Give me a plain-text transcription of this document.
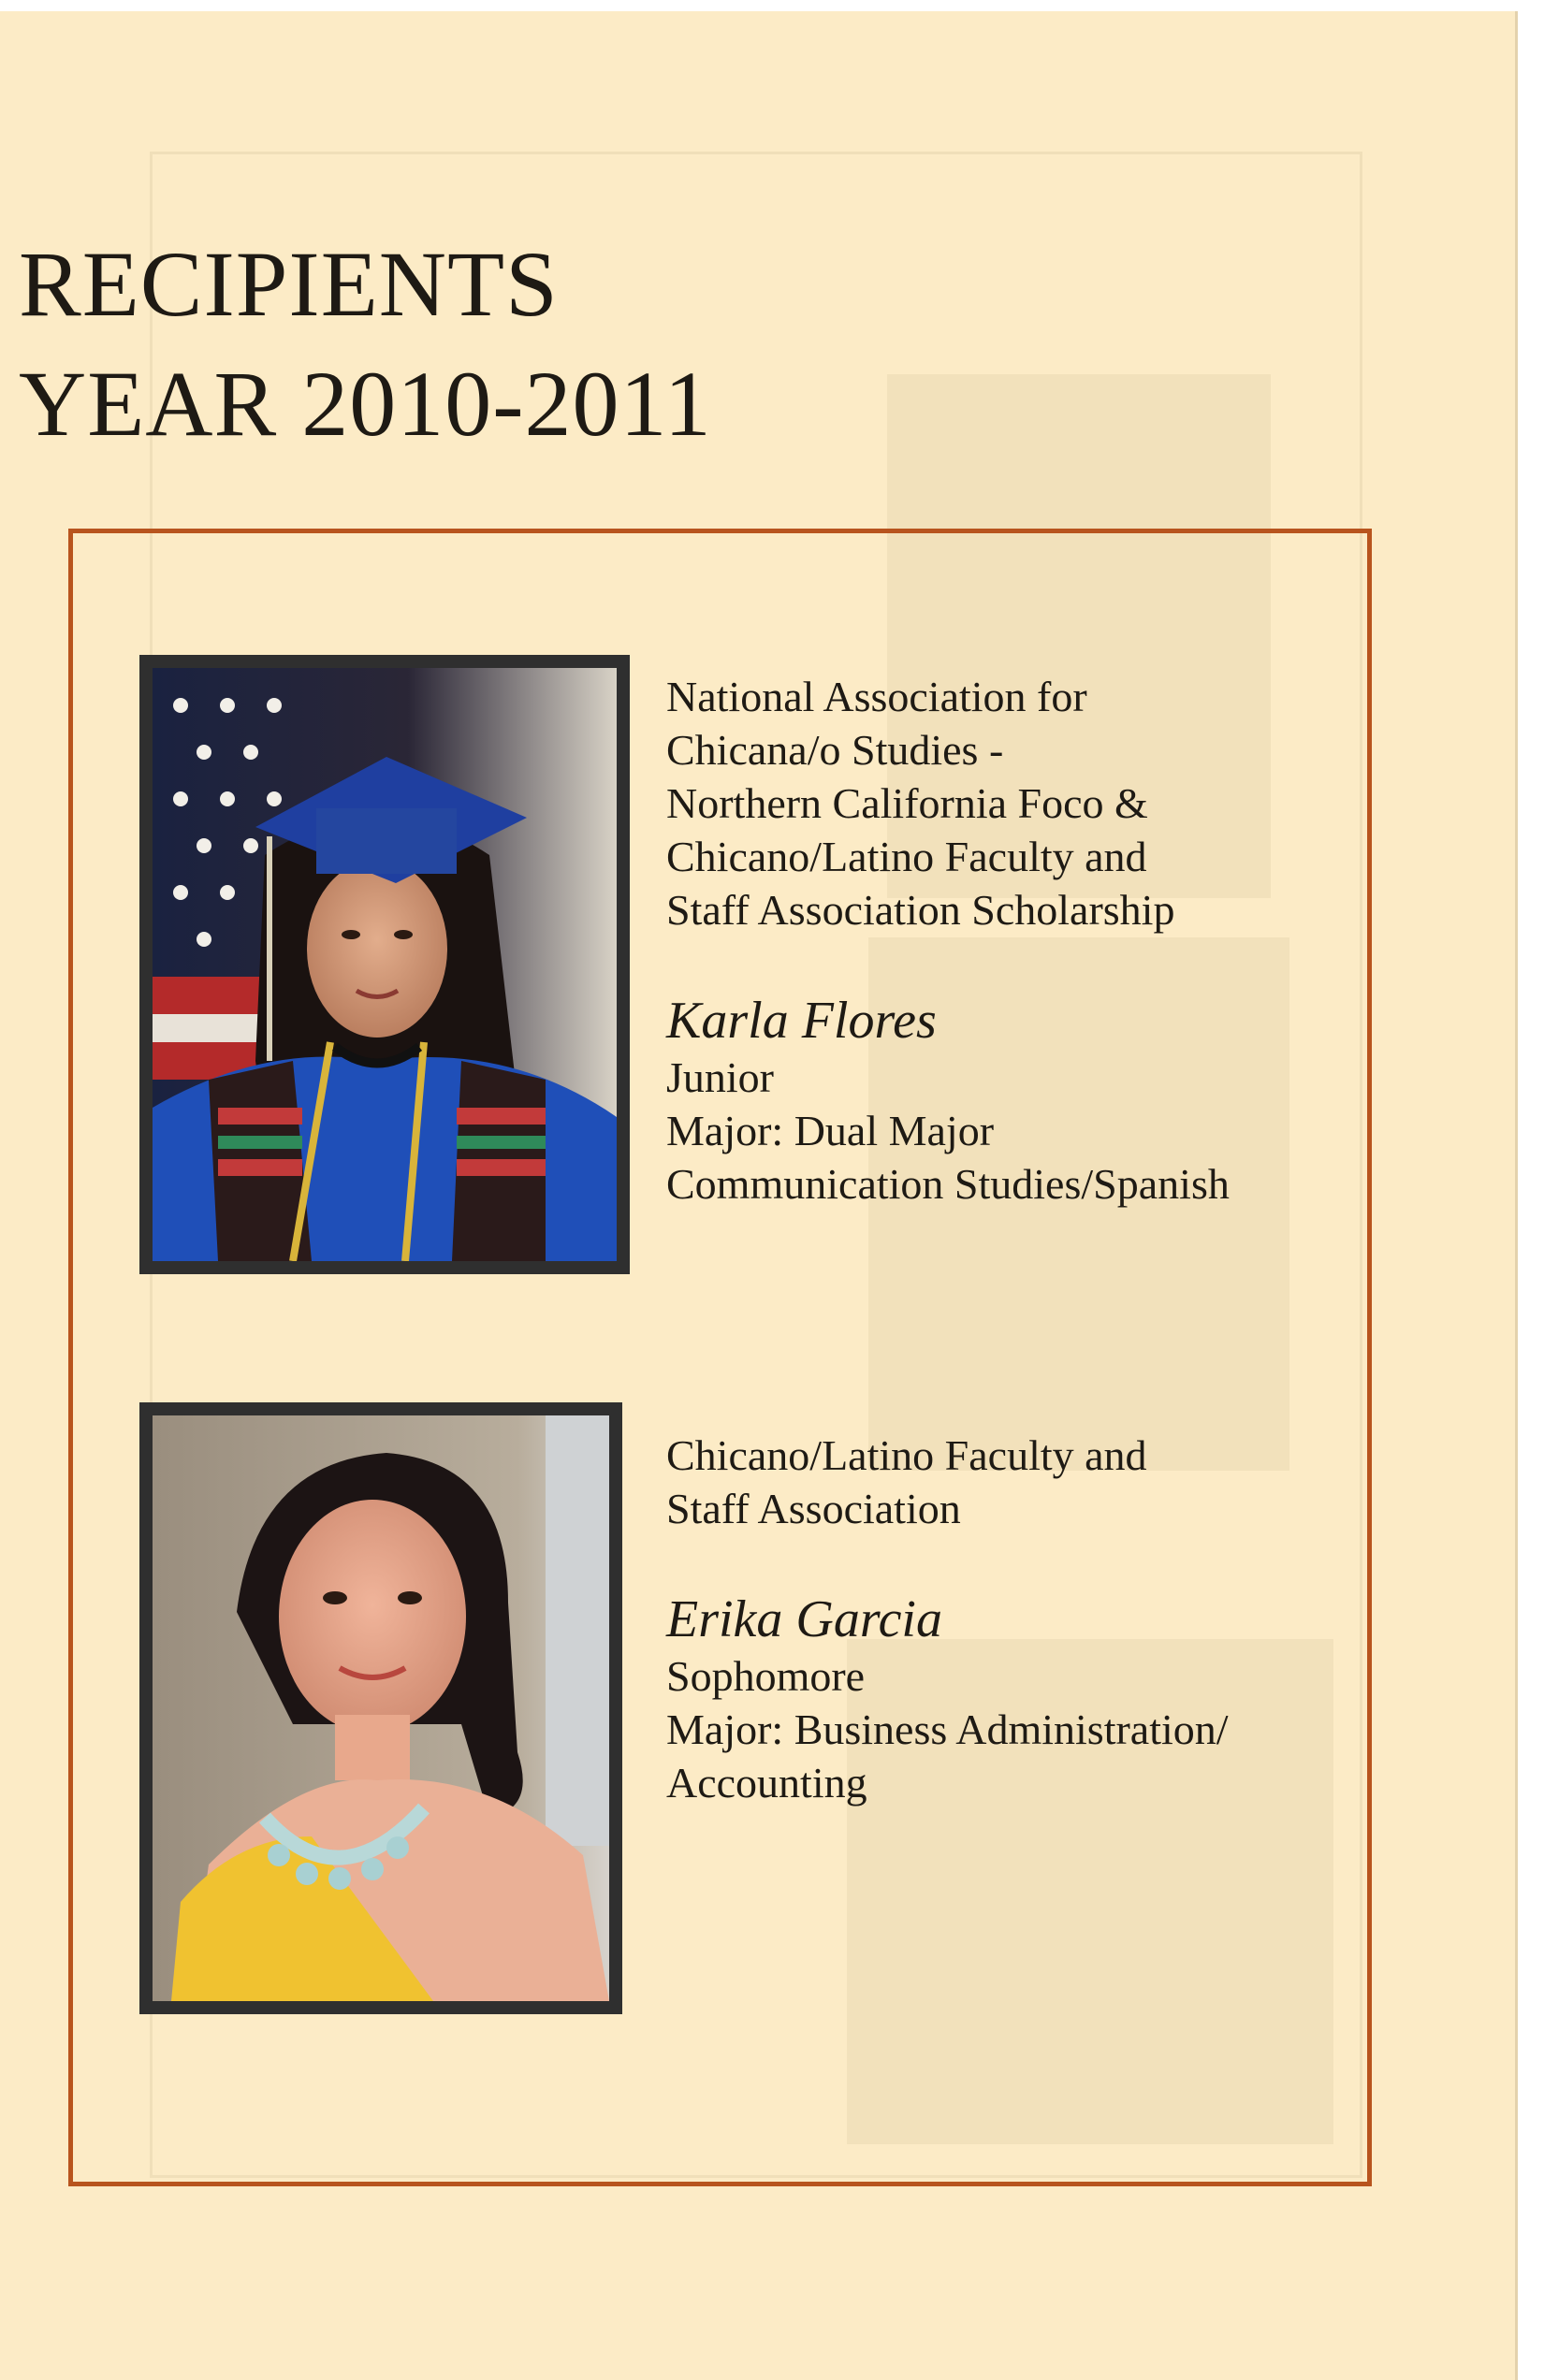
RECIPIENTS
YEAR 2010-2011

National Association for
Chicana/o Studies -
Northern California Foco &
Chicano/Latino Faculty and
Staff Association Scholarship

Karla Flores

Junior
Major: Dual Major
Communication Studies/Spanish

Chicano/Latino Faculty and
Staff Association

Erika Garcia

Sophomore
Major: Business Administration/
Accounting
